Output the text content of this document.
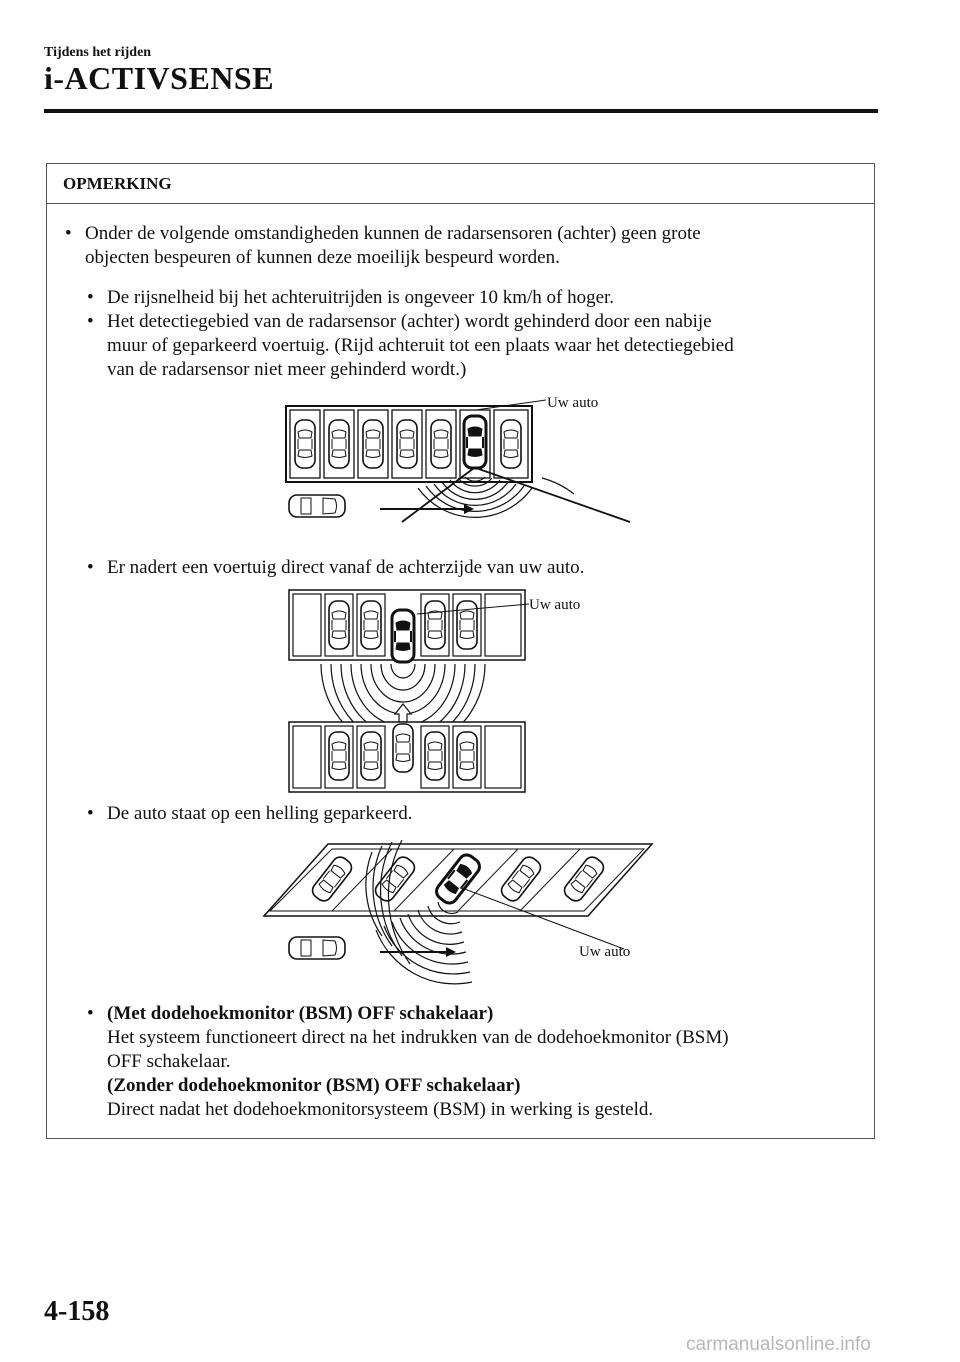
Tijdens het rijden
i-ACTIVSENSE
OPMERKING
• Onder de volgende omstandigheden kunnen de radarsensoren (achter) geen grote
objecten bespeuren of kunnen deze moeilijk bespeurd worden.
• De rijsnelheid bij het achteruitrijden is ongeveer 10 km/h of hoger.
• Het detectiegebied van de radarsensor (achter) wordt gehinderd door een nabije
muur of geparkeerd voertuig. (Rijd achteruit tot een plaats waar het detectiegebied
van de radarsensor niet meer gehinderd wordt.)
Uw auto
• Er nadert een voertuig direct vanaf de achterzijde van uw auto.
Uw auto
• De auto staat op een helling geparkeerd.
Uw auto
• (Met dodehoekmonitor (BSM) OFF schakelaar)
Het systeem functioneert direct na het indrukken van de dodehoekmonitor (BSM)
OFF schakelaar.
(Zonder dodehoekmonitor (BSM) OFF schakelaar)
Direct nadat het dodehoekmonitorsysteem (BSM) in werking is gesteld.
4-158
carmanualsonline.info
